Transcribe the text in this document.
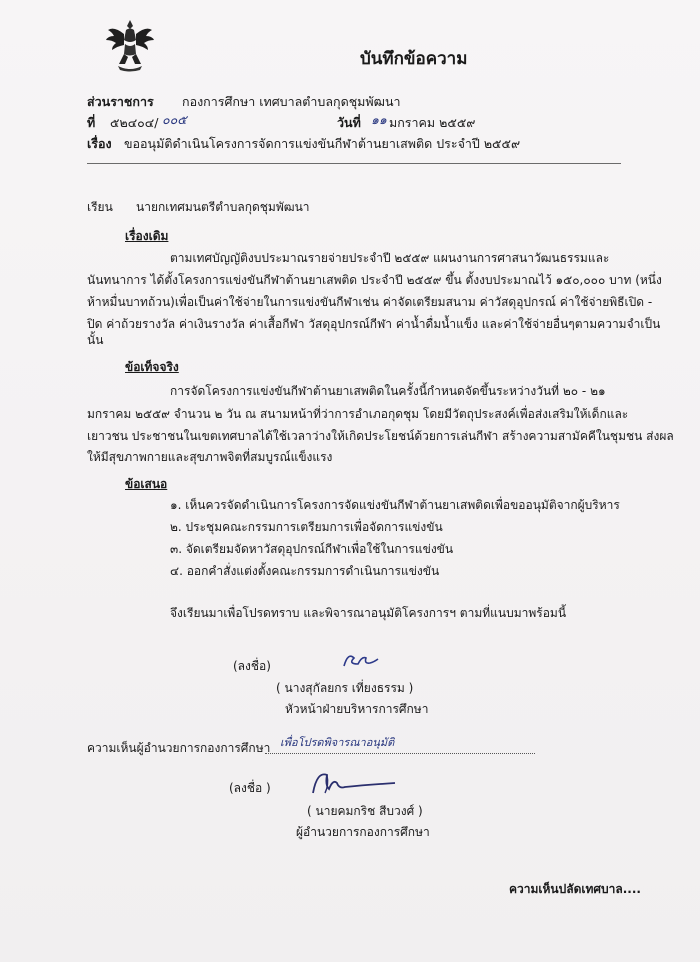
บันทึกข้อความ
ส่วนราชการ กองการศึกษา เทศบาลตำบลกุดชุมพัฒนา
ที่ ๕๒๔๐๔/ ๐๐๕	วันที่ ๑๑ มกราคม ๒๕๕๙
เรื่อง ขออนุมัติดำเนินโครงการจัดการแข่งขันกีฬาต้านยาเสพติด ประจำปี ๒๕๕๙
เรียน นายกเทศมนตรีตำบลกุดชุมพัฒนา
เรื่องเดิม
ตามเทศบัญญัติงบประมาณรายจ่ายประจำปี ๒๕๕๙ แผนงานการศาสนาวัฒนธรรมและ
นันทนาการ ได้ตั้งโครงการแข่งขันกีฬาต้านยาเสพติด ประจำปี ๒๕๕๙ ขึ้น ตั้งงบประมาณไว้ ๑๕๐,๐๐๐ บาท (หนึ่ง
ห้าหมื่นบาทถ้วน)เพื่อเป็นค่าใช้จ่ายในการแข่งขันกีฬาเช่น ค่าจัดเตรียมสนาม ค่าวัสดุอุปกรณ์ ค่าใช้จ่ายพิธีเปิด -
ปิด ค่าถ้วยรางวัล ค่าเงินรางวัล ค่าเสื้อกีฬา วัสดุอุปกรณ์กีฬา ค่าน้ำดื่มน้ำแข็ง และค่าใช้จ่ายอื่นๆตามความจำเป็น
นั้น
ข้อเท็จจริง
การจัดโครงการแข่งขันกีฬาต้านยาเสพติดในครั้งนี้กำหนดจัดขึ้นระหว่างวันที่ ๒๐ - ๒๑
มกราคม ๒๕๕๙ จำนวน ๒ วัน ณ สนามหน้าที่ว่าการอำเภอกุดชุม โดยมีวัตถุประสงค์เพื่อส่งเสริมให้เด็กและ
เยาวชน ประชาชนในเขตเทศบาลได้ใช้เวลาว่างให้เกิดประโยชน์ด้วยการเล่นกีฬา สร้างความสามัคคีในชุมชน ส่งผล
ให้มีสุขภาพกายและสุขภาพจิตที่สมบูรณ์แข็งแรง
ข้อเสนอ
๑. เห็นควรจัดดำเนินการโครงการจัดแข่งขันกีฬาต้านยาเสพติดเพื่อขออนุมัติจากผู้บริหาร
๒. ประชุมคณะกรรมการเตรียมการเพื่อจัดการแข่งขัน
๓. จัดเตรียมจัดหาวัสดุอุปกรณ์กีฬาเพื่อใช้ในการแข่งขัน
๔. ออกคำสั่งแต่งตั้งคณะกรรมการดำเนินการแข่งขัน
จึงเรียนมาเพื่อโปรดทราบ และพิจารณาอนุมัติโครงการฯ ตามที่แนบมาพร้อมนี้
(ลงชื่อ)
( นางสุกัลยกร เที่ยงธรรม )
หัวหน้าฝ่ายบริหารการศึกษา
ความเห็นผู้อำนวยการกองการศึกษา เพื่อโปรดพิจารณาอนุมัติ
(ลงชื่อ )
( นายคมกริช สีบวงศ์ )
ผู้อำนวยการกองการศึกษา
ความเห็นปลัดเทศบาล....
